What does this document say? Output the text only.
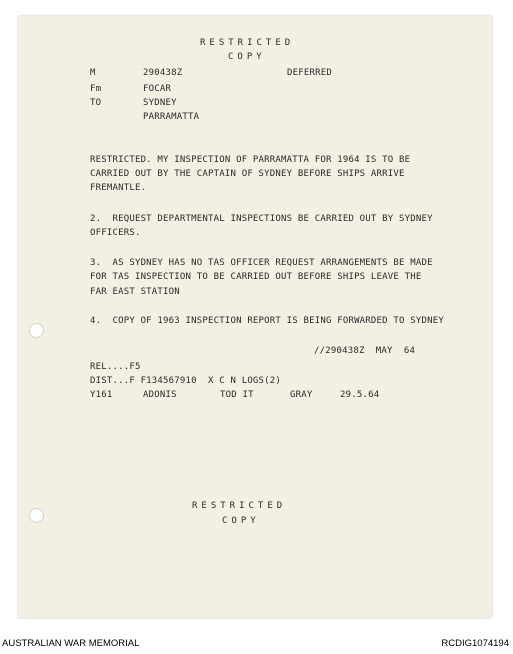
RESTRICTED
COPY
M	290438Z	DEFERRED
Fm	FOCAR
TO	SYDNEY
PARRAMATTA
RESTRICTED. MY INSPECTION OF PARRAMATTA FOR 1964 IS TO BE
CARRIED OUT BY THE CAPTAIN OF SYDNEY BEFORE SHIPS ARRIVE
FREMANTLE.
2.  REQUEST DEPARTMENTAL INSPECTIONS BE CARRIED OUT BY SYDNEY
OFFICERS.
3.  AS SYDNEY HAS NO TAS OFFICER REQUEST ARRANGEMENTS BE MADE
FOR TAS INSPECTION TO BE CARRIED OUT BEFORE SHIPS LEAVE THE
FAR EAST STATION
4.  COPY OF 1963 INSPECTION REPORT IS BEING FORWARDED TO SYDNEY
//290438Z  MAY  64
REL....F5
DIST...F F134567910  X C N LOGS(2)
Y161	ADONIS	TOD IT	GRAY	29.5.64
RESTRICTED
COPY
AUSTRALIAN WAR MEMORIAL	RCDIG1074194
